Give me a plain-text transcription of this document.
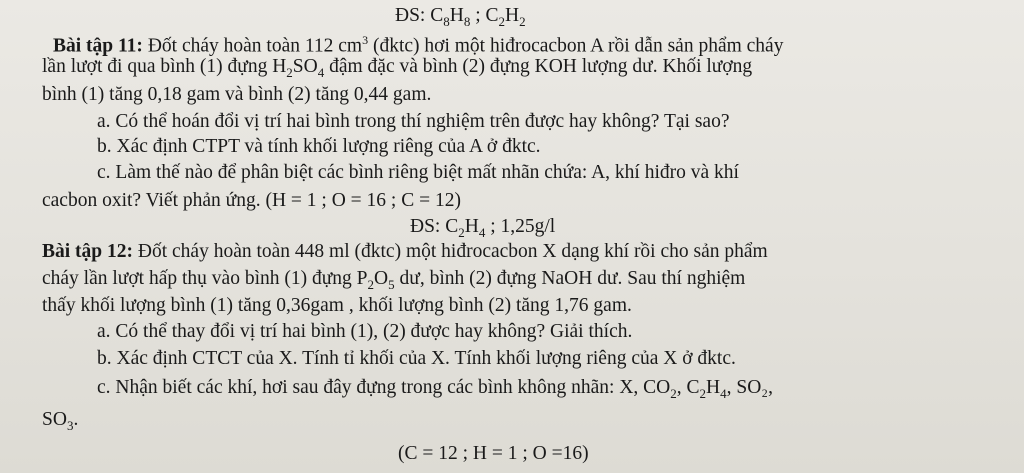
ĐS: $C_8H_8$ ; $C_2H_2$
Bài tập 11: Đốt cháy hoàn toàn 112 $cm^3$ (đktc) hơi một hiđrocacbon A rồi dẫn sản phẩm cháy
lần lượt đi qua bình (1) đựng $H_2SO_4$ đậm đặc và bình (2) đựng KOH lượng dư. Khối lượng
bình (1) tăng 0,18 gam và bình (2) tăng 0,44 gam.
a. Có thể hoán đổi vị trí hai bình trong thí nghiệm trên được hay không? Tại sao?
b. Xác định CTPT và tính khối lượng riêng của A ở đktc.
c. Làm thế nào để phân biệt các bình riêng biệt mất nhãn chứa: A, khí hiđro và khí
cacbon oxit? Viết phản ứng. (H = 1 ; O = 16 ; C = 12)
ĐS: $C_2H_4$ ; 1,25g/l
Bài tập 12: Đốt cháy hoàn toàn 448 ml (đktc) một hiđrocacbon X dạng khí rồi cho sản phẩm
cháy lần lượt hấp thụ vào bình (1) đựng $P_2O_5$ dư, bình (2) đựng NaOH dư. Sau thí nghiệm
thấy khối lượng bình (1) tăng 0,36gam , khối lượng bình (2) tăng 1,76 gam.
a. Có thể thay đổi vị trí hai bình (1), (2) được hay không? Giải thích.
b. Xác định CTCT của X. Tính tỉ khối của X. Tính khối lượng riêng của X ở đktc.
c. Nhận biết các khí, hơi sau đây đựng trong các bình không nhãn: X, $CO_2$, $C_2H_4$, SO₂,
$SO_3$.
(C = 12 ; H = 1 ; O =16)
